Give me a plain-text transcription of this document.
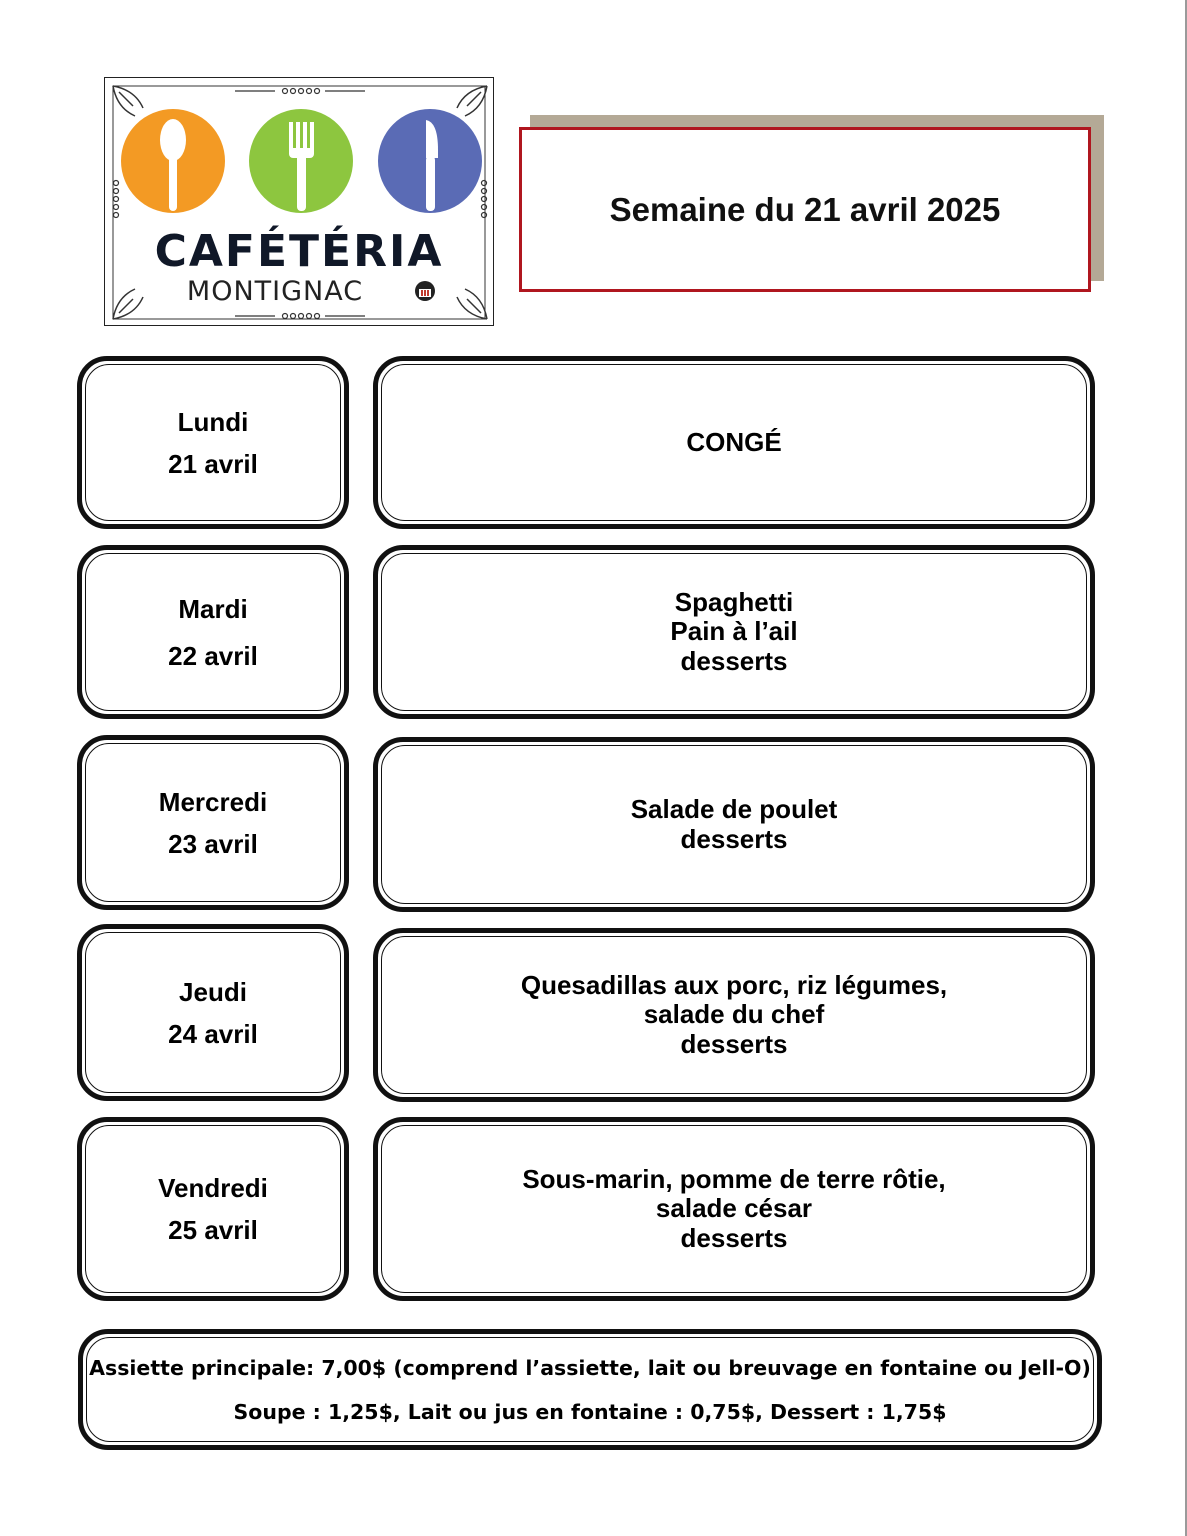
CAFÉTÉRIA
MONTIGNAC
Semaine du 21 avril 2025
Lundi
21 avril
CONGÉ
Mardi
22 avril
Spaghetti
Pain à l’ail
desserts
Mercredi
23 avril
Salade de poulet
desserts
Jeudi
24 avril
Quesadillas aux porc, riz légumes,
salade du chef
desserts
Vendredi
25 avril
Sous-marin, pomme de terre rôtie,
salade césar
desserts
Assiette principale: 7,00$ (comprend l’assiette, lait ou breuvage en fontaine ou Jell-O)
Soupe : 1,25$, Lait ou jus en fontaine : 0,75$, Dessert : 1,75$
